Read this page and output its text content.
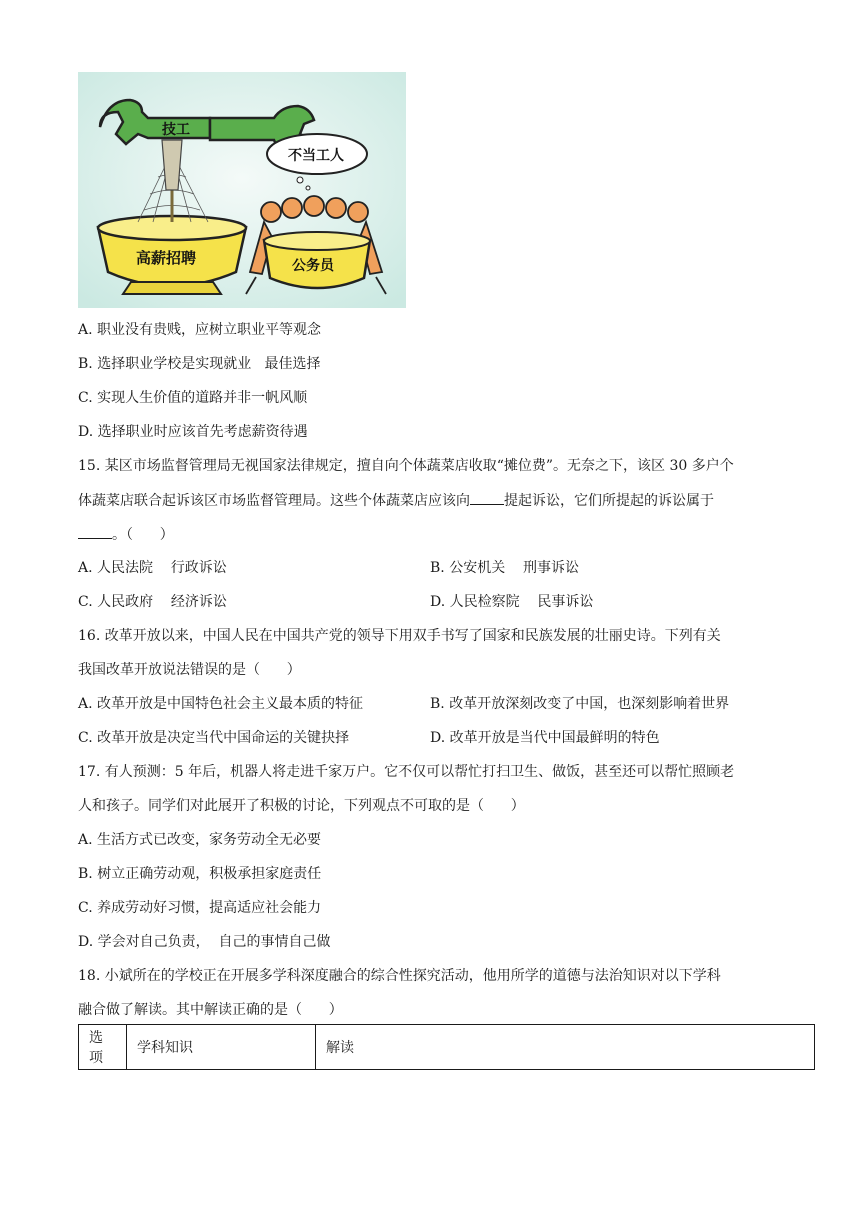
技工
高薪招聘
不当工人
公务员
A. 职业没有贵贱，应树立职业平等观念
B. 选择职业学校是实现就业   最佳选择
C. 实现人生价值的道路并非一帆风顺
D. 选择职业时应该首先考虑薪资待遇
15. 某区市场监督管理局无视国家法律规定，擅自向个体蔬菜店收取“摊位费”。无奈之下，该区 30 多户个
体蔬菜店联合起诉该区市场监督管理局。这些个体蔬菜店应该向 提起诉讼，它们所提起的诉讼属于
。（      ）
A. 人民法院    行政诉讼	B. 公安机关    刑事诉讼
C. 人民政府    经济诉讼	D. 人民检察院    民事诉讼
16. 改革开放以来，中国人民在中国共产党的领导下用双手书写了国家和民族发展的壮丽史诗。下列有关
我国改革开放说法错误的是（      ）
A. 改革开放是中国特色社会主义最本质的特征	B. 改革开放深刻改变了中国，也深刻影响着世界
C. 改革开放是决定当代中国命运的关键抉择	D. 改革开放是当代中国最鲜明的特色
17. 有人预测：5 年后，机器人将走进千家万户。它不仅可以帮忙打扫卫生、做饭，甚至还可以帮忙照顾老
人和孩子。同学们对此展开了积极的讨论，下列观点不可取的是（      ）
A. 生活方式已改变，家务劳动全无必要
B. 树立正确劳动观，积极承担家庭责任
C. 养成劳动好习惯，提高适应社会能力
D. 学会对自己负责，  自己的事情自己做
18. 小斌所在的学校正在开展多学科深度融合的综合性探究活动，他用所学的道德与法治知识对以下学科
融合做了解读。其中解读正确的是（      ）
选项	学科知识	解读
